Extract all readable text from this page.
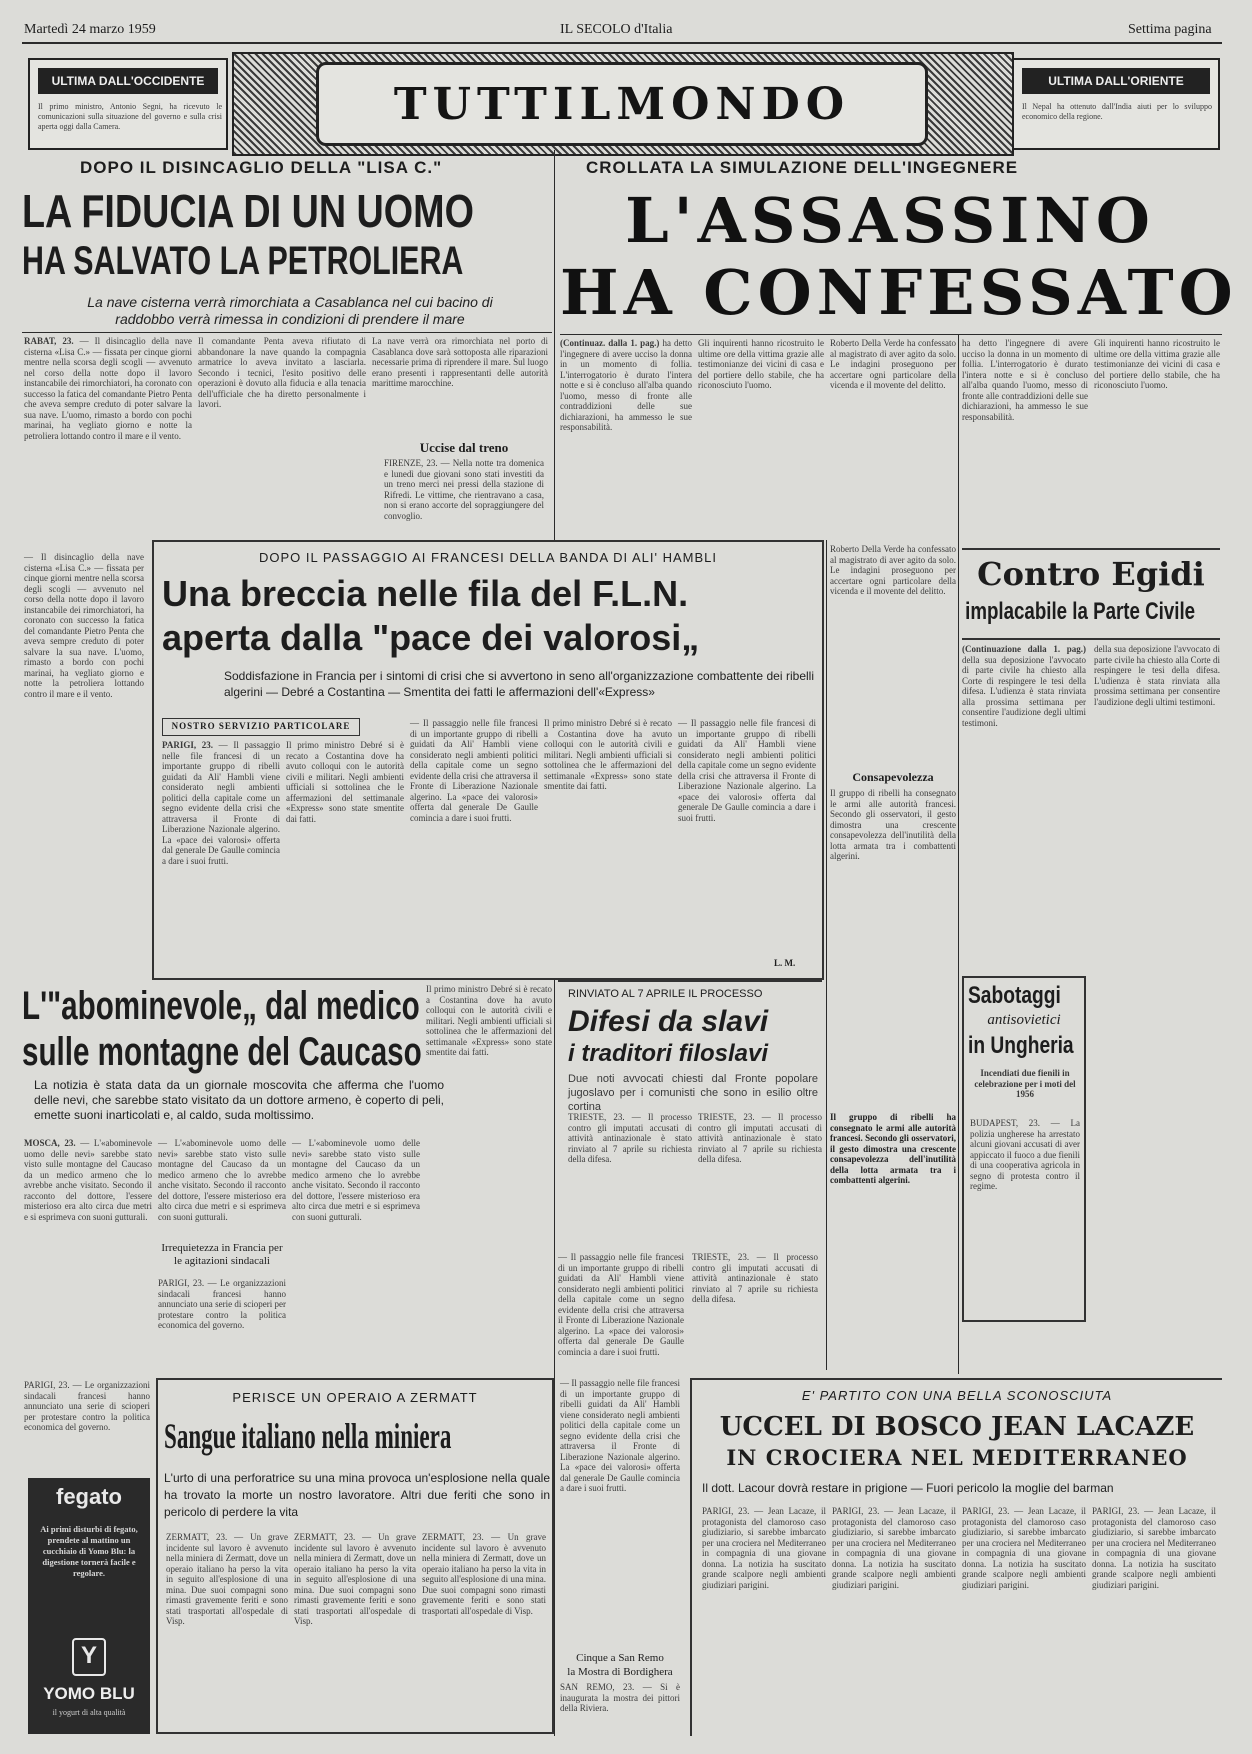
Martedì 24 marzo 1959	IL SECOLO d'Italia	Settima pagina
ULTIMA DALL'OCCIDENTE
Il primo ministro, Antonio Segni, ha ricevuto le comunicazioni sulla situazione del governo e sulla crisi aperta oggi dalla Camera.	TUTTILMONDO	ULTIMA DALL'ORIENTE
Il Nepal ha ottenuto dall'India aiuti per lo sviluppo economico della regione.
DOPO IL DISINCAGLIO DELLA "LISA C."
LA FIDUCIA DI UN UOMO
HA SALVATO LA PETROLIERA
La nave cisterna verrà rimorchiata a Casablanca nel cui bacino di raddobbo verrà rimessa in condizioni di prendere il mare
RABAT, 23. — Il disincaglio della nave cisterna «Lisa C.» — fissata per cinque giorni mentre nella scorsa degli scogli — avvenuto nel corso della notte dopo il lavoro instancabile dei rimorchiatori, ha coronato con successo la fatica del comandante Pietro Penta che aveva sempre creduto di poter salvare la sua nave. L'uomo, rimasto a bordo con pochi marinai, ha vegliato giorno e notte la petroliera lottando contro il mare e il vento.
Il comandante Penta aveva rifiutato di abbandonare la nave quando la compagnia armatrice lo aveva invitato a lasciarla. Secondo i tecnici, l'esito positivo delle operazioni è dovuto alla fiducia e alla tenacia dell'ufficiale che ha diretto personalmente i lavori.
La nave verrà ora rimorchiata nel porto di Casablanca dove sarà sottoposta alle riparazioni necessarie prima di riprendere il mare. Sul luogo erano presenti i rappresentanti delle autorità marittime marocchine.
— Il disincaglio della nave cisterna «Lisa C.» — fissata per cinque giorni mentre nella scorsa degli scogli — avvenuto nel corso della notte dopo il lavoro instancabile dei rimorchiatori, ha coronato con successo la fatica del comandante Pietro Penta che aveva sempre creduto di poter salvare la sua nave. L'uomo, rimasto a bordo con pochi marinai, ha vegliato giorno e notte la petroliera lottando contro il mare e il vento.
CROLLATA LA SIMULAZIONE DELL'INGEGNERE
L'ASSASSINO
HA CONFESSATO
(Continuaz. dalla 1. pag.) ha detto l'ingegnere di avere ucciso la donna in un momento di follia. L'interrogatorio è durato l'intera notte e si è concluso all'alba quando l'uomo, messo di fronte alle contraddizioni delle sue dichiarazioni, ha ammesso le sue responsabilità.
Uccise dal treno
FIRENZE, 23. — Nella notte tra domenica e lunedì due giovani sono stati investiti da un treno merci nei pressi della stazione di Rifredi. Le vittime, che rientravano a casa, non si erano accorte del sopraggiungere del convoglio.
Gli inquirenti hanno ricostruito le ultime ore della vittima grazie alle testimonianze dei vicini di casa e del portiere dello stabile, che ha riconosciuto l'uomo.
Roberto Della Verde ha confessato al magistrato di aver agito da solo. Le indagini proseguono per accertare ogni particolare della vicenda e il movente del delitto.
ha detto l'ingegnere di avere ucciso la donna in un momento di follia. L'interrogatorio è durato l'intera notte e si è concluso all'alba quando l'uomo, messo di fronte alle contraddizioni delle sue dichiarazioni, ha ammesso le sue responsabilità.
Gli inquirenti hanno ricostruito le ultime ore della vittima grazie alle testimonianze dei vicini di casa e del portiere dello stabile, che ha riconosciuto l'uomo.
DOPO IL PASSAGGIO AI FRANCESI DELLA BANDA DI ALI' HAMBLI
Una breccia nelle fila del F.L.N.
aperta dalla "pace dei valorosi„
Soddisfazione in Francia per i sintomi di crisi che si avvertono in seno all'organizzazione combattente dei ribelli algerini — Debré a Costantina — Smentita dei fatti le affermazioni dell'«Express»
NOSTRO SERVIZIO PARTICOLARE
PARIGI, 23. — Il passaggio nelle file francesi di un importante gruppo di ribelli guidati da Ali' Hambli viene considerato negli ambienti politici della capitale come un segno evidente della crisi che attraversa il Fronte di Liberazione Nazionale algerino. La «pace dei valorosi» offerta dal generale De Gaulle comincia a dare i suoi frutti.
Il primo ministro Debré si è recato a Costantina dove ha avuto colloqui con le autorità civili e militari. Negli ambienti ufficiali si sottolinea che le affermazioni del settimanale «Express» sono state smentite dai fatti.
— Il passaggio nelle file francesi di un importante gruppo di ribelli guidati da Ali' Hambli viene considerato negli ambienti politici della capitale come un segno evidente della crisi che attraversa il Fronte di Liberazione Nazionale algerino. La «pace dei valorosi» offerta dal generale De Gaulle comincia a dare i suoi frutti.
Il primo ministro Debré si è recato a Costantina dove ha avuto colloqui con le autorità civili e militari. Negli ambienti ufficiali si sottolinea che le affermazioni del settimanale «Express» sono state smentite dai fatti.
— Il passaggio nelle file francesi di un importante gruppo di ribelli guidati da Ali' Hambli viene considerato negli ambienti politici della capitale come un segno evidente della crisi che attraversa il Fronte di Liberazione Nazionale algerino. La «pace dei valorosi» offerta dal generale De Gaulle comincia a dare i suoi frutti.
L. M.
Roberto Della Verde ha confessato al magistrato di aver agito da solo. Le indagini proseguono per accertare ogni particolare della vicenda e il movente del delitto.
Consapevolezza
Il gruppo di ribelli ha consegnato le armi alle autorità francesi. Secondo gli osservatori, il gesto dimostra una crescente consapevolezza dell'inutilità della lotta armata tra i combattenti algerini.
Il gruppo di ribelli ha consegnato le armi alle autorità francesi. Secondo gli osservatori, il gesto dimostra una crescente consapevolezza dell'inutilità della lotta armata tra i combattenti algerini.
Contro Egidi
implacabile la Parte Civile
(Continuazione dalla 1. pag.) della sua deposizione l'avvocato di parte civile ha chiesto alla Corte di respingere le tesi della difesa. L'udienza è stata rinviata alla prossima settimana per consentire l'audizione degli ultimi testimoni.
della sua deposizione l'avvocato di parte civile ha chiesto alla Corte di respingere le tesi della difesa. L'udienza è stata rinviata alla prossima settimana per consentire l'audizione degli ultimi testimoni.
Sabotaggi
antisovietici
in Ungheria
Incendiati due fienili in celebrazione per i moti del 1956
BUDAPEST, 23. — La polizia ungherese ha arrestato alcuni giovani accusati di aver appiccato il fuoco a due fienili di una cooperativa agricola in segno di protesta contro il regime.
L'"abominevole„ dal medico
sulle montagne del Caucaso
La notizia è stata data da un giornale moscovita che afferma che l'uomo delle nevi, che sarebbe stato visitato da un dottore armeno, è coperto di peli, emette suoni inarticolati e, al caldo, suda moltissimo.
MOSCA, 23. — L'«abominevole uomo delle nevi» sarebbe stato visto sulle montagne del Caucaso da un medico armeno che lo avrebbe anche visitato. Secondo il racconto del dottore, l'essere misterioso era alto circa due metri e si esprimeva con suoni gutturali.
— L'«abominevole uomo delle nevi» sarebbe stato visto sulle montagne del Caucaso da un medico armeno che lo avrebbe anche visitato. Secondo il racconto del dottore, l'essere misterioso era alto circa due metri e si esprimeva con suoni gutturali.
Irrequietezza in Francia per le agitazioni sindacali
PARIGI, 23. — Le organizzazioni sindacali francesi hanno annunciato una serie di scioperi per protestare contro la politica economica del governo.
— L'«abominevole uomo delle nevi» sarebbe stato visto sulle montagne del Caucaso da un medico armeno che lo avrebbe anche visitato. Secondo il racconto del dottore, l'essere misterioso era alto circa due metri e si esprimeva con suoni gutturali.
RINVIATO AL 7 APRILE IL PROCESSO
Difesi da slavi
i traditori filoslavi
Due noti avvocati chiesti dal Fronte popolare jugoslavo per i comunisti che sono in esilio oltre cortina
TRIESTE, 23. — Il processo contro gli imputati accusati di attività antinazionale è stato rinviato al 7 aprile su richiesta della difesa.
TRIESTE, 23. — Il processo contro gli imputati accusati di attività antinazionale è stato rinviato al 7 aprile su richiesta della difesa.
Il primo ministro Debré si è recato a Costantina dove ha avuto colloqui con le autorità civili e militari. Negli ambienti ufficiali si sottolinea che le affermazioni del settimanale «Express» sono state smentite dai fatti.
— Il passaggio nelle file francesi di un importante gruppo di ribelli guidati da Ali' Hambli viene considerato negli ambienti politici della capitale come un segno evidente della crisi che attraversa il Fronte di Liberazione Nazionale algerino. La «pace dei valorosi» offerta dal generale De Gaulle comincia a dare i suoi frutti.
TRIESTE, 23. — Il processo contro gli imputati accusati di attività antinazionale è stato rinviato al 7 aprile su richiesta della difesa.
PERISCE UN OPERAIO A ZERMATT
Sangue italiano nella miniera
L'urto di una perforatrice su una mina provoca un'esplosione nella quale ha trovato la morte un nostro lavoratore. Altri due feriti che sono in pericolo di perdere la vita
ZERMATT, 23. — Un grave incidente sul lavoro è avvenuto nella miniera di Zermatt, dove un operaio italiano ha perso la vita in seguito all'esplosione di una mina. Due suoi compagni sono rimasti gravemente feriti e sono stati trasportati all'ospedale di Visp.
ZERMATT, 23. — Un grave incidente sul lavoro è avvenuto nella miniera di Zermatt, dove un operaio italiano ha perso la vita in seguito all'esplosione di una mina. Due suoi compagni sono rimasti gravemente feriti e sono stati trasportati all'ospedale di Visp.
ZERMATT, 23. — Un grave incidente sul lavoro è avvenuto nella miniera di Zermatt, dove un operaio italiano ha perso la vita in seguito all'esplosione di una mina. Due suoi compagni sono rimasti gravemente feriti e sono stati trasportati all'ospedale di Visp.
— Il passaggio nelle file francesi di un importante gruppo di ribelli guidati da Ali' Hambli viene considerato negli ambienti politici della capitale come un segno evidente della crisi che attraversa il Fronte di Liberazione Nazionale algerino. La «pace dei valorosi» offerta dal generale De Gaulle comincia a dare i suoi frutti.
Cinque a San Remo
la Mostra di Bordighera
SAN REMO, 23. — Si è inaugurata la mostra dei pittori della Riviera.
E' PARTITO CON UNA BELLA SCONOSCIUTA
UCCEL DI BOSCO JEAN LACAZE
IN CROCIERA NEL MEDITERRANEO
Il dott. Lacour dovrà restare in prigione — Fuori pericolo la moglie del barman
PARIGI, 23. — Jean Lacaze, il protagonista del clamoroso caso giudiziario, si sarebbe imbarcato per una crociera nel Mediterraneo in compagnia di una giovane donna. La notizia ha suscitato grande scalpore negli ambienti giudiziari parigini.
PARIGI, 23. — Jean Lacaze, il protagonista del clamoroso caso giudiziario, si sarebbe imbarcato per una crociera nel Mediterraneo in compagnia di una giovane donna. La notizia ha suscitato grande scalpore negli ambienti giudiziari parigini.
PARIGI, 23. — Jean Lacaze, il protagonista del clamoroso caso giudiziario, si sarebbe imbarcato per una crociera nel Mediterraneo in compagnia di una giovane donna. La notizia ha suscitato grande scalpore negli ambienti giudiziari parigini.
PARIGI, 23. — Jean Lacaze, il protagonista del clamoroso caso giudiziario, si sarebbe imbarcato per una crociera nel Mediterraneo in compagnia di una giovane donna. La notizia ha suscitato grande scalpore negli ambienti giudiziari parigini.
fegato
Ai primi disturbi di fegato, prendete al mattino un cucchiaio di Yomo Blu: la digestione tornerà facile e regolare.
Y
YOMO BLU
il yogurt di alta qualità
PARIGI, 23. — Le organizzazioni sindacali francesi hanno annunciato una serie di scioperi per protestare contro la politica economica del governo.
